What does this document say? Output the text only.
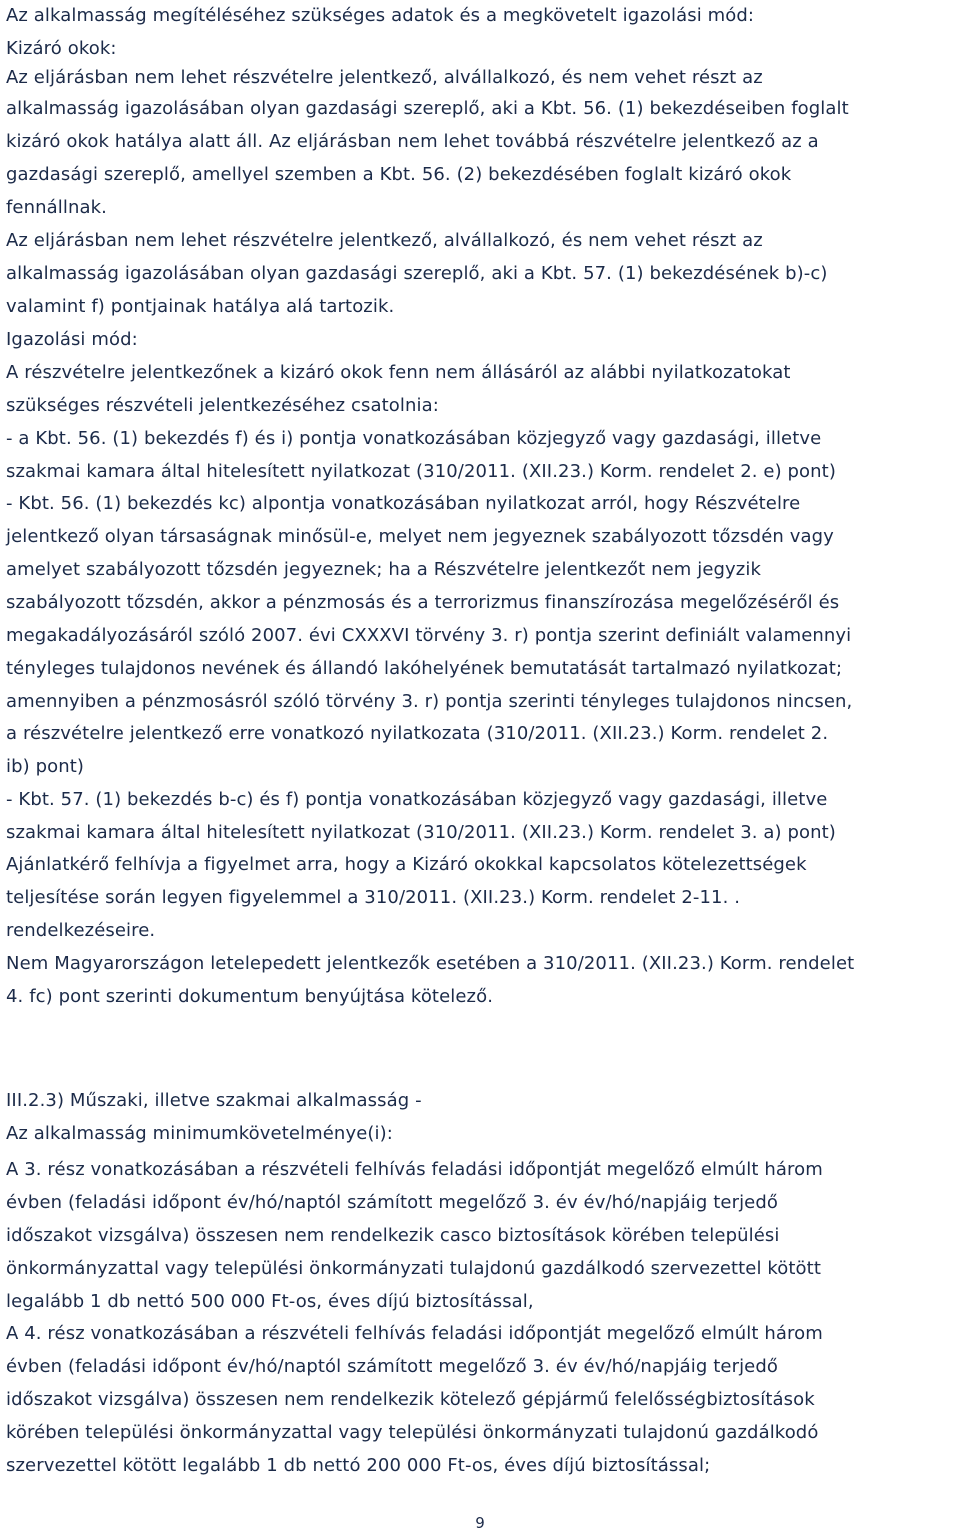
Az alkalmasság megítéléséhez szükséges adatok és a megkövetelt igazolási mód:
Kizáró okok:
Az eljárásban nem lehet részvételre jelentkező, alvállalkozó, és nem vehet részt az
alkalmasság igazolásában olyan gazdasági szereplő, aki a Kbt. 56. (1) bekezdéseiben foglalt
kizáró okok hatálya alatt áll. Az eljárásban nem lehet továbbá részvételre jelentkező az a
gazdasági szereplő, amellyel szemben a Kbt. 56. (2) bekezdésében foglalt kizáró okok
fennállnak.
Az eljárásban nem lehet részvételre jelentkező, alvállalkozó, és nem vehet részt az
alkalmasság igazolásában olyan gazdasági szereplő, aki a Kbt. 57. (1) bekezdésének b)-c)
valamint f) pontjainak hatálya alá tartozik.
Igazolási mód:
A részvételre jelentkezőnek a kizáró okok fenn nem állásáról az alábbi nyilatkozatokat
szükséges részvételi jelentkezéséhez csatolnia:
- a Kbt. 56. (1) bekezdés f) és i) pontja vonatkozásában közjegyző vagy gazdasági, illetve
szakmai kamara által hitelesített nyilatkozat (310/2011. (XII.23.) Korm. rendelet 2. e) pont)
- Kbt. 56. (1) bekezdés kc) alpontja vonatkozásában nyilatkozat arról, hogy Részvételre
jelentkező olyan társaságnak minősül-e, melyet nem jegyeznek szabályozott tőzsdén vagy
amelyet szabályozott tőzsdén jegyeznek; ha a Részvételre jelentkezőt nem jegyzik
szabályozott tőzsdén, akkor a pénzmosás és a terrorizmus finanszírozása megelőzéséről és
megakadályozásáról szóló 2007. évi CXXXVI törvény 3. r) pontja szerint definiált valamennyi
tényleges tulajdonos nevének és állandó lakóhelyének bemutatását tartalmazó nyilatkozat;
amennyiben a pénzmosásról szóló törvény 3. r) pontja szerinti tényleges tulajdonos nincsen,
a részvételre jelentkező erre vonatkozó nyilatkozata (310/2011. (XII.23.) Korm. rendelet 2.
ib) pont)
- Kbt. 57. (1) bekezdés b-c) és f) pontja vonatkozásában közjegyző vagy gazdasági, illetve
szakmai kamara által hitelesített nyilatkozat (310/2011. (XII.23.) Korm. rendelet 3. a) pont)
Ajánlatkérő felhívja a figyelmet arra, hogy a Kizáró okokkal kapcsolatos kötelezettségek
teljesítése során legyen figyelemmel a 310/2011. (XII.23.) Korm. rendelet 2-11. .
rendelkezéseire.
Nem Magyarországon letelepedett jelentkezők esetében a 310/2011. (XII.23.) Korm. rendelet
4. fc) pont szerinti dokumentum benyújtása kötelező.
III.2.3) Műszaki, illetve szakmai alkalmasság -
Az alkalmasság minimumkövetelménye(i):
A 3. rész vonatkozásában a részvételi felhívás feladási időpontját megelőző elmúlt három
évben (feladási időpont év/hó/naptól számított megelőző 3. év év/hó/napjáig terjedő
időszakot vizsgálva) összesen nem rendelkezik casco biztosítások körében települési
önkormányzattal vagy települési önkormányzati tulajdonú gazdálkodó szervezettel kötött
legalább 1 db nettó 500 000 Ft-os, éves díjú biztosítással,
A 4. rész vonatkozásában a részvételi felhívás feladási időpontját megelőző elmúlt három
évben (feladási időpont év/hó/naptól számított megelőző 3. év év/hó/napjáig terjedő
időszakot vizsgálva) összesen nem rendelkezik kötelező gépjármű felelősségbiztosítások
körében települési önkormányzattal vagy települési önkormányzati tulajdonú gazdálkodó
szervezettel kötött legalább 1 db nettó 200 000 Ft-os, éves díjú biztosítással;
9
